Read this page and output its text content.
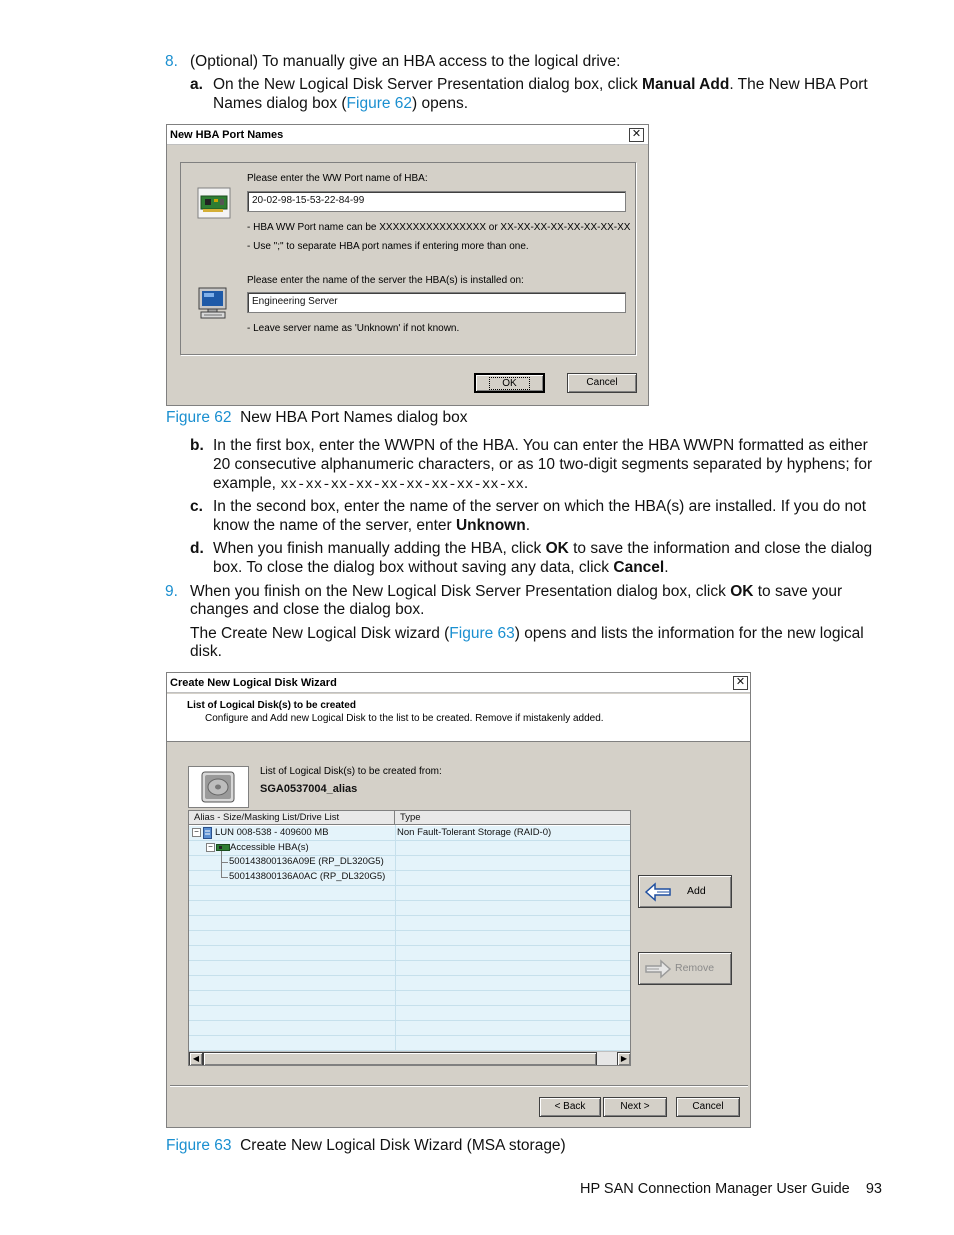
8. (Optional) To manually give an HBA access to the logical drive:
a. On the New Logical Disk Server Presentation dialog box, click Manual Add. The New HBA Port
Names dialog box (Figure 62) opens.
New HBA Port Names	✕
Please enter the WW Port name of HBA:
20-02-98-15-53-22-84-99
- HBA WW Port name can be XXXXXXXXXXXXXXXX or XX-XX-XX-XX-XX-XX-XX-XX
- Use ";" to separate HBA port names if entering more than one.
Please enter the name of the server the HBA(s) is installed on:
Engineering Server
- Leave server name as 'Unknown' if not known.
OK	Cancel
Figure 62 New HBA Port Names dialog box
b. In the first box, enter the WWPN of the HBA. You can enter the HBA WWPN formatted as either
20 consecutive alphanumeric characters, or as 10 two-digit segments separated by hyphens; for
example, xx-xx-xx-xx-xx-xx-xx-xx-xx-xx.
c. In the second box, enter the name of the server on which the HBA(s) are installed. If you do not
know the name of the server, enter Unknown.
d. When you finish manually adding the HBA, click OK to save the information and close the dialog
box. To close the dialog box without saving any data, click Cancel.
9. When you finish on the New Logical Disk Server Presentation dialog box, click OK to save your
changes and close the dialog box.
The Create New Logical Disk wizard (Figure 63) opens and lists the information for the new logical
disk.
Create New Logical Disk Wizard	✕
List of Logical Disk(s) to be created
Configure and Add new Logical Disk to the list to be created. Remove if mistakenly added.
List of Logical Disk(s) to be created from:
SGA0537004_alias
Alias - Size/Masking List/Drive List	Type
− LUN 008-538 - 409600 MB	Non Fault-Tolerant Storage (RAID-0)
− Accessible HBA(s)
500143800136A09E (RP_DL320G5)
500143800136A0AC (RP_DL320G5)
◀	▶
Add
Remove
< Back	Next >	Cancel
Figure 63 Create New Logical Disk Wizard (MSA storage)
HP SAN Connection Manager User Guide 93
